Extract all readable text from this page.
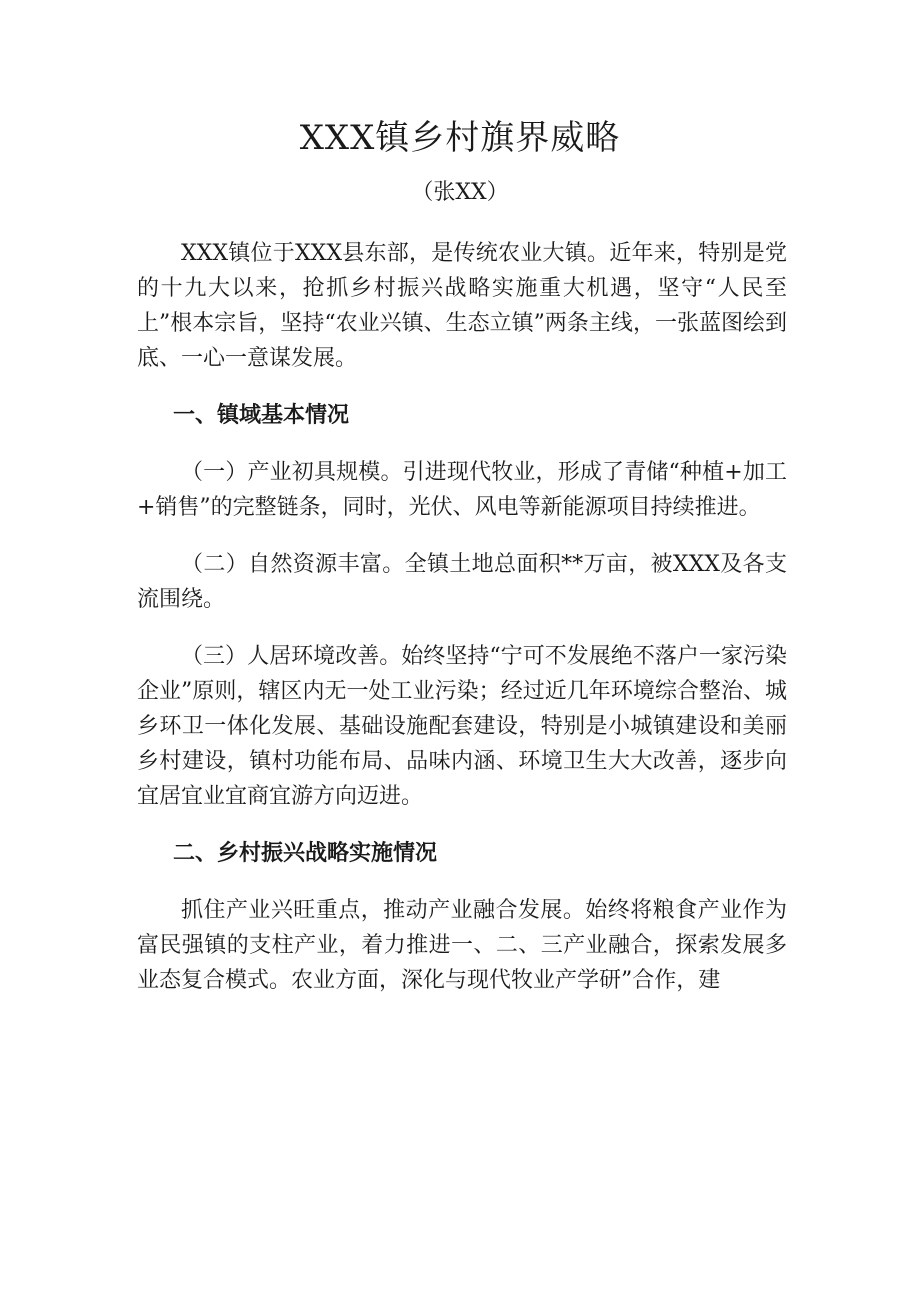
XXX镇乡村旗界威略
（张XX）

XXX镇位于XXX县东部，是传统农业大镇。近年来，特别是党的十九大以来，抢抓乡村振兴战略实施重大机遇，坚守“人民至上”根本宗旨，坚持“农业兴镇、生态立镇”两条主线，一张蓝图绘到底、一心一意谋发展。

一、镇域基本情况

（一）产业初具规模。引进现代牧业，形成了青储“种植+加工+销售”的完整链条，同时，光伏、风电等新能源项目持续推进。

（二）自然资源丰富。全镇土地总面积**万亩，被XXX及各支流围绕。

（三）人居环境改善。始终坚持“宁可不发展绝不落户一家污染企业”原则，辖区内无一处工业污染；经过近几年环境综合整治、城乡环卫一体化发展、基础设施配套建设，特别是小城镇建设和美丽乡村建设，镇村功能布局、品味内涵、环境卫生大大改善，逐步向宜居宜业宜商宜游方向迈进。

二、乡村振兴战略实施情况

抓住产业兴旺重点，推动产业融合发展。始终将粮食产业作为富民强镇的支柱产业，着力推进一、二、三产业融合，探索发展多业态复合模式。农业方面，深化与现代牧业产学研”合作，建
